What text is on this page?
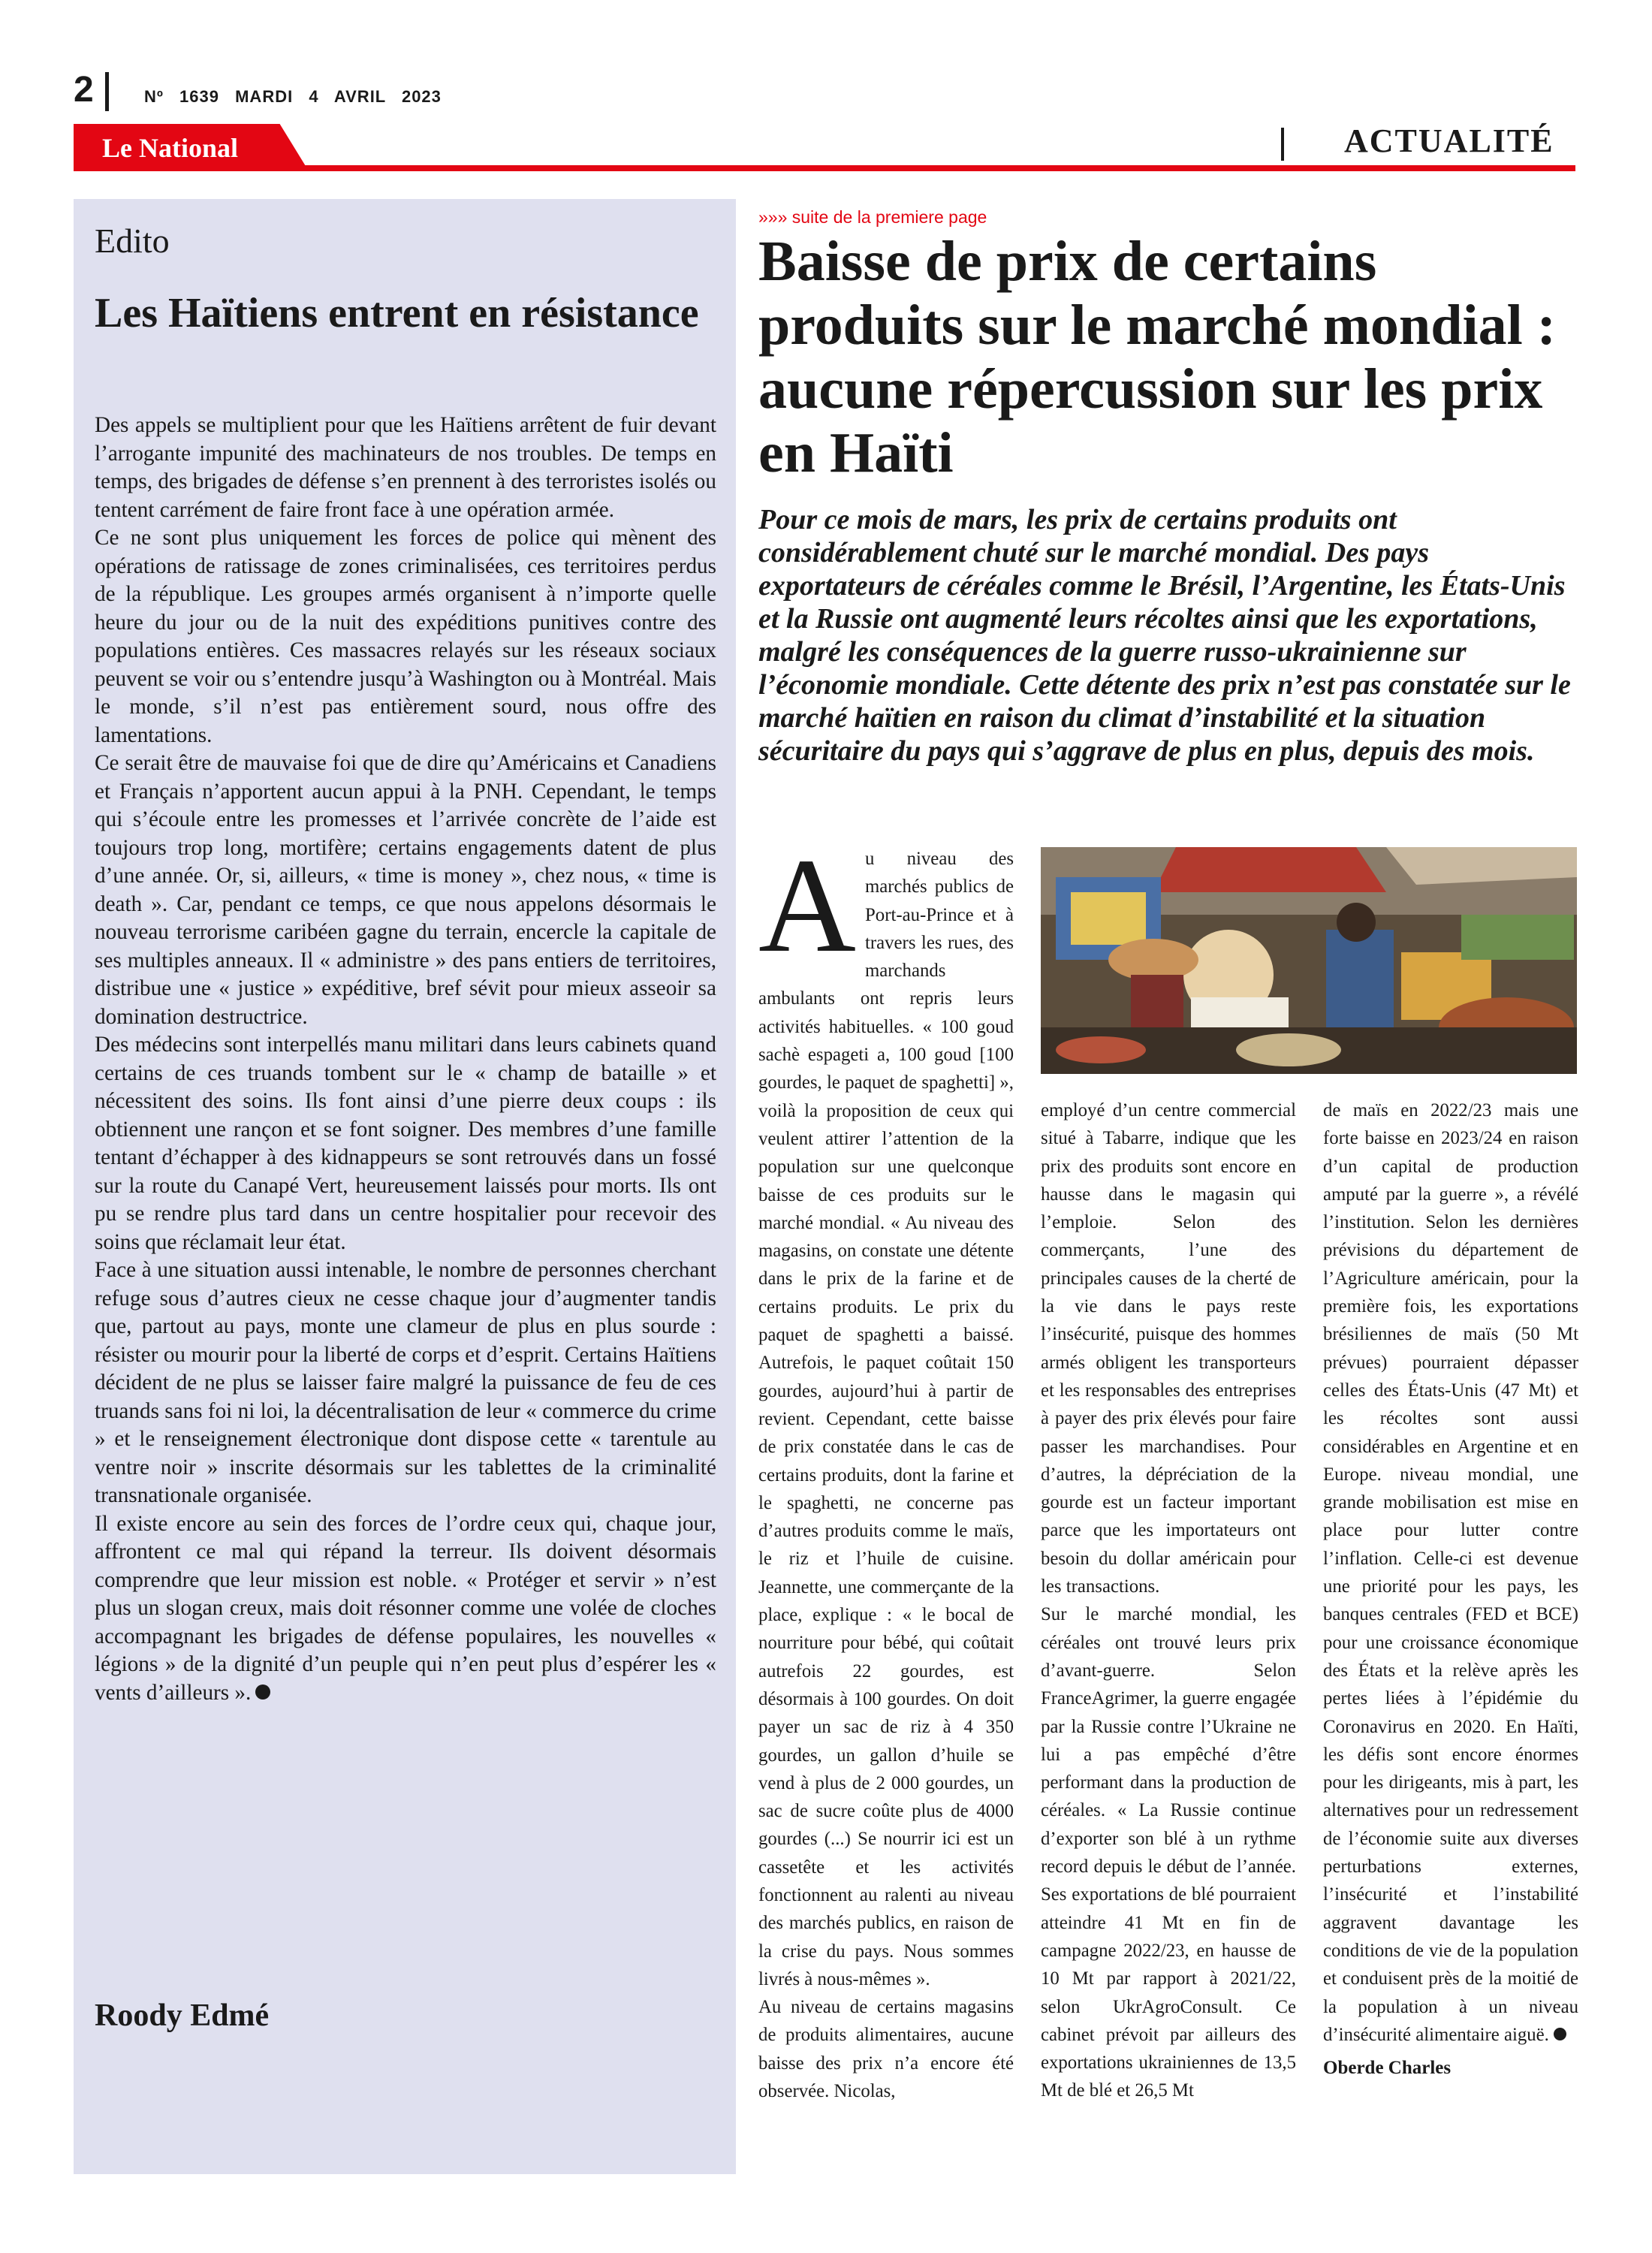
2	Nº 1639 MARDI 4 AVRIL 2023
Le National	ACTUALITÉ
Edito
Les Haïtiens entrent en résistance

Des appels se multiplient pour que les Haïtiens arrêtent de fuir devant l’arrogante impunité des machinateurs de nos troubles. De temps en temps, des brigades de défense s’en prennent à des terroristes isolés ou tentent carrément de faire front face à une opération armée.

Ce ne sont plus uniquement les forces de police qui mènent des opérations de ratissage de zones criminalisées, ces territoires perdus de la république. Les groupes armés organisent à n’importe quelle heure du jour ou de la nuit des expéditions punitives contre des populations entières. Ces massacres relayés sur les réseaux sociaux peuvent se voir ou s’entendre jusqu’à Washington ou à Montréal. Mais le monde, s’il n’est pas entièrement sourd, nous offre des lamentations.

Ce serait être de mauvaise foi que de dire qu’Américains et Canadiens et Français n’apportent aucun appui à la PNH. Cependant, le temps qui s’écoule entre les promesses et l’arrivée concrète de l’aide est toujours trop long, mortifère; certains engagements datent de plus d’une année. Or, si, ailleurs, « time is money », chez nous, « time is death ». Car, pendant ce temps, ce que nous appelons désormais le nouveau terrorisme caribéen gagne du terrain, encercle la capitale de ses multiples anneaux. Il « administre » des pans entiers de territoires, distribue une « justice » expéditive, bref sévit pour mieux asseoir sa domination destructrice.

Des médecins sont interpellés manu militari dans leurs cabinets quand certains de ces truands tombent sur le « champ de bataille » et nécessitent des soins. Ils font ainsi d’une pierre deux coups : ils obtiennent une rançon et se font soigner. Des membres d’une famille tentant d’échapper à des kidnappeurs se sont retrouvés dans un fossé sur la route du Canapé Vert, heureusement laissés pour morts. Ils ont pu se rendre plus tard dans un centre hospitalier pour recevoir des soins que réclamait leur état.

Face à une situation aussi intenable, le nombre de personnes cherchant refuge sous d’autres cieux ne cesse chaque jour d’augmenter tandis que, partout au pays, monte une clameur de plus en plus sourde : résister ou mourir pour la liberté de corps et d’esprit. Certains Haïtiens décident de ne plus se laisser faire malgré la puissance de feu de ces truands sans foi ni loi, la décentralisation de leur « commerce du crime » et le renseignement électronique dont dispose cette « tarentule au ventre noir » inscrite désormais sur les tablettes de la criminalité transnationale organisée.

Il existe encore au sein des forces de l’ordre ceux qui, chaque jour, affrontent ce mal qui répand la terreur. Ils doivent désormais comprendre que leur mission est noble. « Protéger et servir » n’est plus un slogan creux, mais doit résonner comme une volée de cloches accompagnant les brigades de défense populaires, les nouvelles « légions » de la dignité d’un peuple qui n’en peut plus d’espérer les « vents d’ailleurs ».

Roody Edmé
»»» suite de la premiere page
Baisse de prix de certains produits sur le marché mondial : aucune répercussion sur les prix en Haïti

Pour ce mois de mars, les prix de certains produits ont considérablement chuté sur le marché mondial. Des pays exportateurs de céréales comme le Brésil, l’Argentine, les États-Unis et la Russie ont augmenté leurs récoltes ainsi que les exportations, malgré les conséquences de la guerre russo-ukrainienne sur l’économie mondiale. Cette détente des prix n’est pas constatée sur le marché haïtien en raison du climat d’instabilité et la situation sécuritaire du pays qui s’aggrave de plus en plus, depuis des mois.

A u niveau des marchés publics de Port-au-Prince et à travers les rues, des marchands ambulants ont repris leurs activités habituelles. « 100 goud sachè espageti a, 100 goud [100 gourdes, le paquet de spaghetti] », voilà la proposition de ceux qui veulent attirer l’attention de la population sur une quelconque baisse de ces produits sur le marché mondial. « Au niveau des magasins, on constate une détente dans le prix de la farine et de certains produits. Le prix du paquet de spaghetti a baissé. Autrefois, le paquet coûtait 150 gourdes, aujourd’hui à partir de revient. Cependant, cette baisse de prix constatée dans le cas de certains produits, dont la farine et le spaghetti, ne concerne pas d’autres produits comme le maïs, le riz et l’huile de cuisine. Jeannette, une commerçante de la place, explique : « le bocal de nourriture pour bébé, qui coûtait autrefois 22 gourdes, est désormais à 100 gourdes. On doit payer un sac de riz à 4 350 gourdes, un gallon d’huile se vend à plus de 2 000 gourdes, un sac de sucre coûte plus de 4000 gourdes (...) Se nourrir ici est un cassetête et les activités fonctionnent au ralenti au niveau des marchés publics, en raison de la crise du pays. Nous sommes livrés à nous-mêmes ».

Au niveau de certains magasins de produits alimentaires, aucune baisse des prix n’a encore été observée. Nicolas,

employé d’un centre commercial situé à Tabarre, indique que les prix des produits sont encore en hausse dans le magasin qui l’emploie. Selon des commerçants, l’une des principales causes de la cherté de la vie dans le pays reste l’insécurité, puisque des hommes armés obligent les transporteurs et les responsables des entreprises à payer des prix élevés pour faire passer les marchandises. Pour d’autres, la dépréciation de la gourde est un facteur important parce que les importateurs ont besoin du dollar américain pour les transactions.

Sur le marché mondial, les céréales ont trouvé leurs prix d’avant-guerre. Selon FranceAgrimer, la guerre engagée par la Russie contre l’Ukraine ne lui a pas empêché d’être performant dans la production de céréales. « La Russie continue d’exporter son blé à un rythme record depuis le début de l’année. Ses exportations de blé pourraient atteindre 41 Mt en fin de campagne 2022/23, en hausse de 10 Mt par rapport à 2021/22, selon UkrAgroConsult. Ce cabinet prévoit par ailleurs des exportations ukrainiennes de 13,5 Mt de blé et 26,5 Mt

de maïs en 2022/23 mais une forte baisse en 2023/24 en raison d’un capital de production amputé par la guerre », a révélé l’institution. Selon les dernières prévisions du département de l’Agriculture américain, pour la première fois, les exportations brésiliennes de maïs (50 Mt prévues) pourraient dépasser celles des États-Unis (47 Mt) et les récoltes sont aussi considérables en Argentine et en Europe. niveau mondial, une grande mobilisation est mise en place pour lutter contre l’inflation. Celle-ci est devenue une priorité pour les pays, les banques centrales (FED et BCE) pour une croissance économique des États et la relève après les pertes liées à l’épidémie du Coronavirus en 2020. En Haïti, les défis sont encore énormes pour les dirigeants, mis à part, les alternatives pour un redressement de l’économie suite aux diverses perturbations externes, l’insécurité et l’instabilité aggravent davantage les conditions de vie de la population et conduisent près de la moitié de la population à un niveau d’insécurité alimentaire aiguë.

Oberde Charles
